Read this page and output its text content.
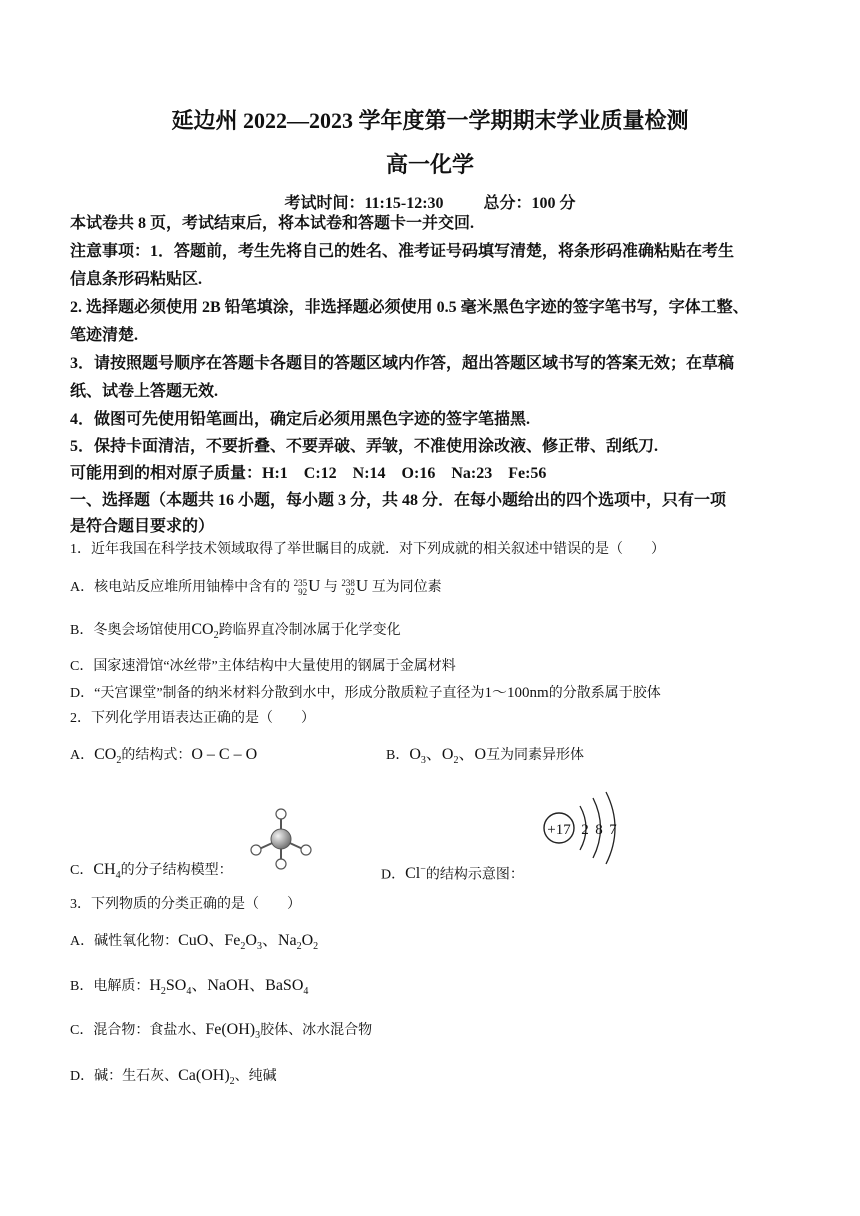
延边州 2022—2023 学年度第一学期期末学业质量检测
高一化学
考试时间：11:15-12:30	总分：100 分
本试卷共 8 页，考试结束后，将本试卷和答题卡一并交回.
注意事项：1．答题前，考生先将自己的姓名、准考证号码填写清楚，将条形码准确粘贴在考生
信息条形码粘贴区.
2. 选择题必须使用 2B 铅笔填涂，非选择题必须使用 0.5 毫米黑色字迹的签字笔书写，字体工整、
笔迹清楚.
3．请按照题号顺序在答题卡各题目的答题区域内作答，超出答题区域书写的答案无效；在草稿
纸、试卷上答题无效.
4．做图可先使用铅笔画出，确定后必须用黑色字迹的签字笔描黑.
5．保持卡面清洁，不要折叠、不要弄破、弄皱，不准使用涂改液、修正带、刮纸刀.
可能用到的相对原子质量：H:1    C:12    N:14    O:16    Na:23    Fe:56
一、选择题（本题共 16 小题，每小题 3 分，共 48 分．在每小题给出的四个选项中，只有一项
是符合题目要求的）
1．近年我国在科学技术领域取得了举世瞩目的成就．对下列成就的相关叙述中错误的是（　　）
A．核电站反应堆所用铀棒中含有的 235
92U 与 238
92U 互为同位素
B．冬奥会场馆使用$CO_2$跨临界直冷制冰属于化学变化
C．国家速滑馆“冰丝带”主体结构中大量使用的钢属于金属材料
D．“天宫课堂”制备的纳米材料分散到水中，形成分散质粒子直径为1～100nm的分散系属于胶体
2．下列化学用语表达正确的是（　　）
A．$CO_2$的结构式：O – C – O	B．$O_3$、$O_2$、O互为同素异形体
+17 2 8 7
C．$CH_4$的分子结构模型：	D．Cl−的结构示意图：
3．下列物质的分类正确的是（　　）
A．碱性氧化物：CuO、$Fe_2O_3$、$Na_2O_2$
B．电解质：$H_2SO_4$、NaOH、BaSO$_4$
C．混合物：食盐水、$Fe(OH)_3$胶体、冰水混合物
D．碱：生石灰、$Ca(OH)_2$、纯碱
